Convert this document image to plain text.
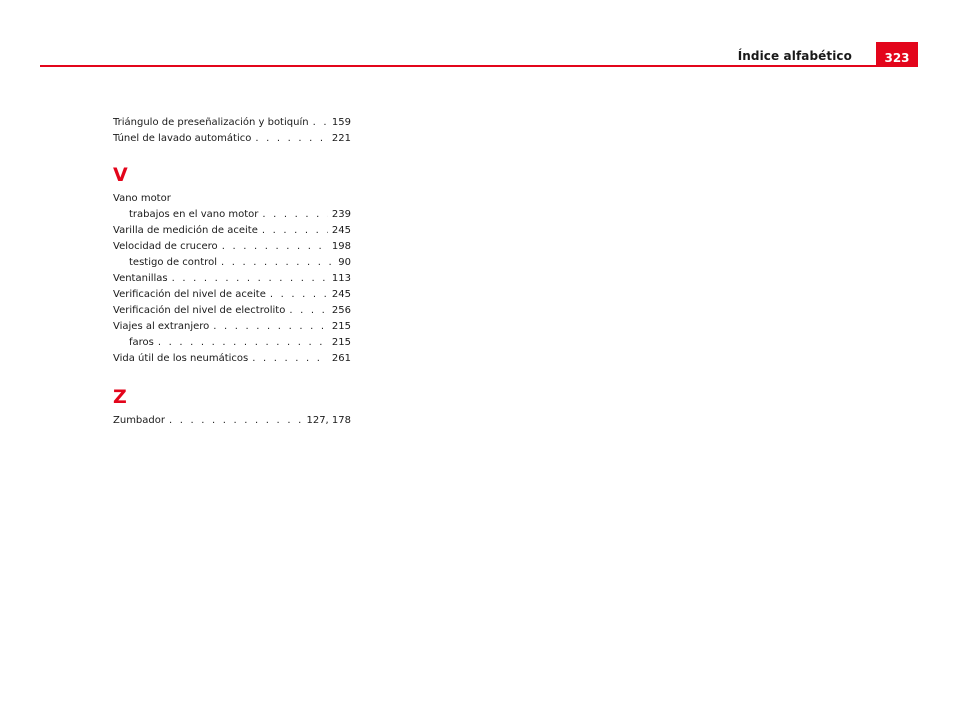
Índice alfabético	323
Triángulo de preseñalización y botiquín . . . 159
Túnel de lavado automático . . .	221
V
Vano motor
trabajos en el vano motor . . .	239
Varilla de medición de aceite . . .	245
Velocidad de crucero . . .	198
testigo de control . . .	90
Ventanillas . . .	113
Verificación del nivel de aceite . . .	245
Verificación del nivel de electrolito . . .	256
Viajes al extranjero . . .	215
faros . . .	215
Vida útil de los neumáticos . . .	261
Z
Zumbador . . .	127, 178
